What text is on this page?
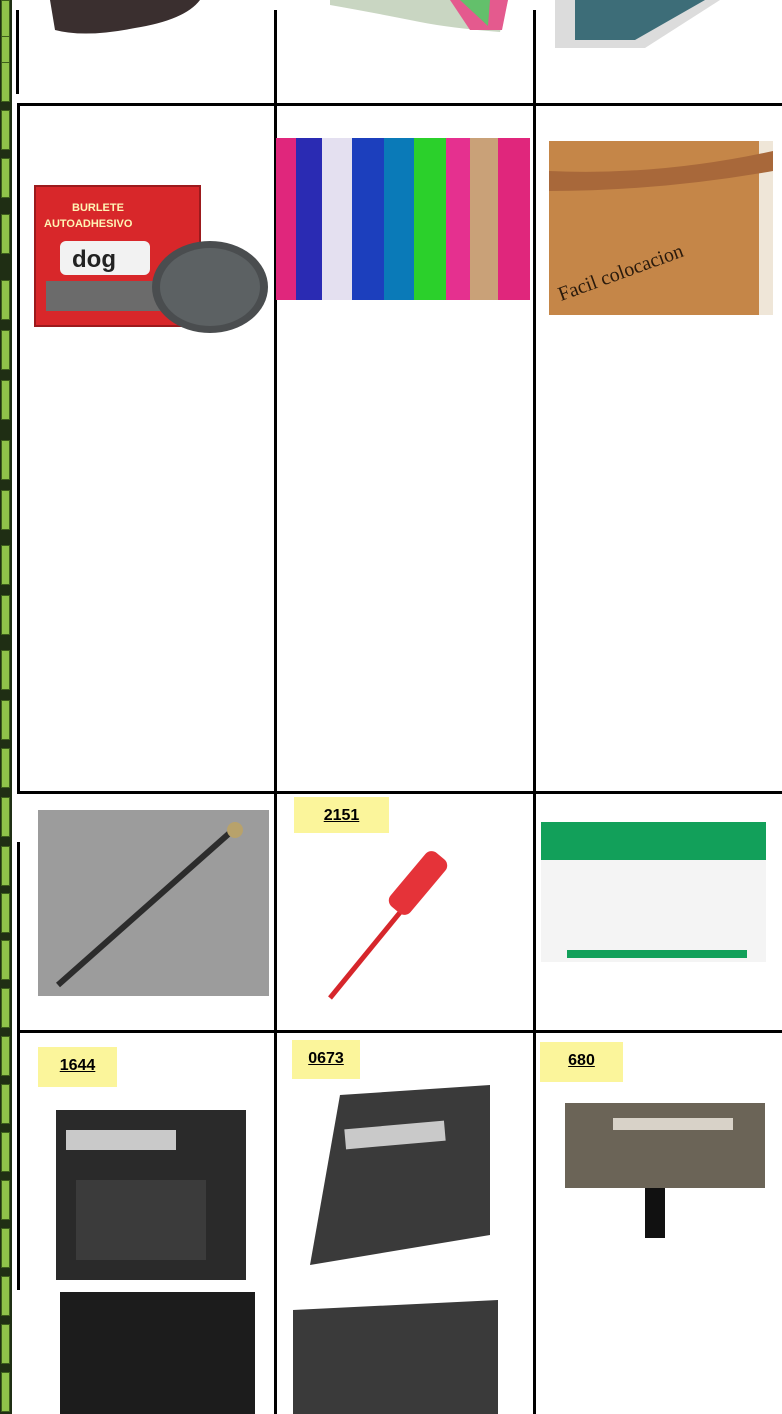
BURLETE
AUTOADHESIVO
dog	Facil colocacion
2151
1644	0673	680
